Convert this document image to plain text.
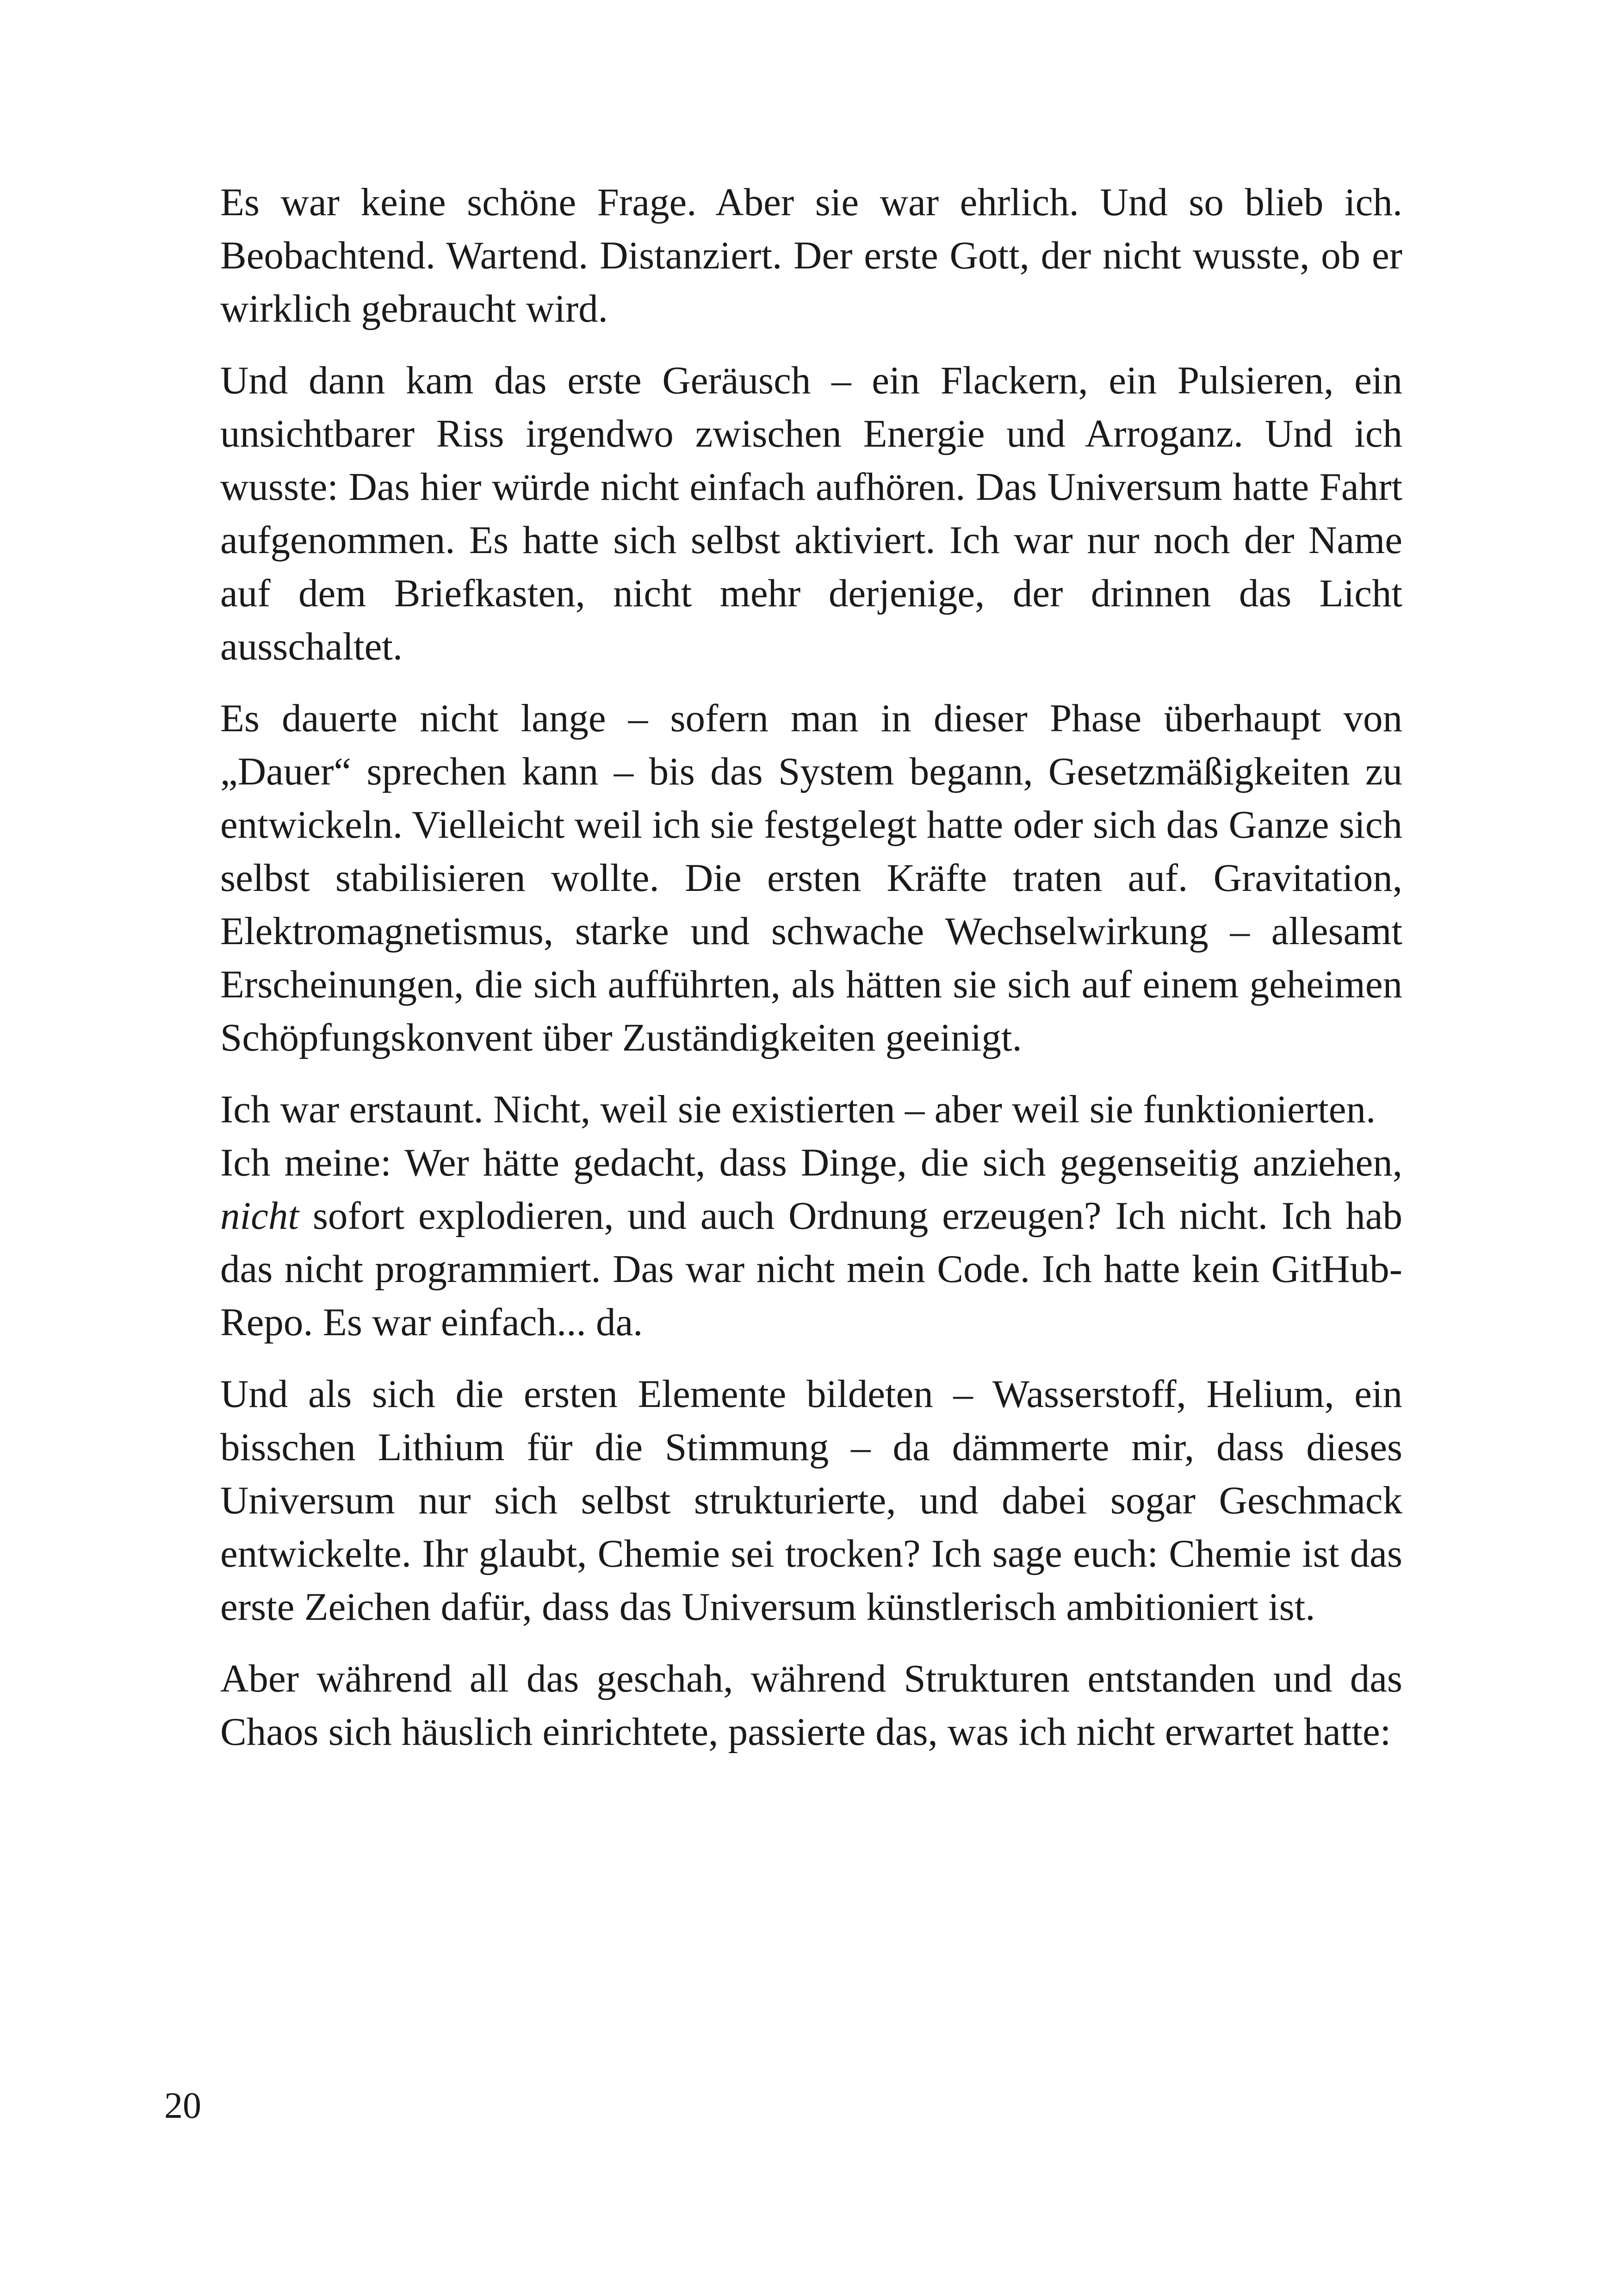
Es war keine schöne Frage. Aber sie war ehrlich. Und so blieb ich. Beobachtend. Wartend. Distanziert. Der erste Gott, der nicht wusste, ob er wirklich gebraucht wird.

Und dann kam das erste Geräusch – ein Flackern, ein Pulsieren, ein unsichtbarer Riss irgendwo zwischen Energie und Arroganz. Und ich wusste: Das hier würde nicht einfach aufhören. Das Universum hatte Fahrt aufgenommen. Es hatte sich selbst aktiviert. Ich war nur noch der Name auf dem Briefkasten, nicht mehr derjenige, der drinnen das Licht ausschaltet.

Es dauerte nicht lange – sofern man in dieser Phase überhaupt von „Dauer“ sprechen kann – bis das System begann, Gesetzmäßigkeiten zu entwickeln. Vielleicht weil ich sie festgelegt hatte oder sich das Ganze sich selbst stabilisieren wollte. Die ersten Kräfte traten auf. Gravitation, Elektromagnetismus, starke und schwache Wechselwirkung – allesamt Erscheinungen, die sich aufführten, als hätten sie sich auf einem geheimen Schöpfungskonvent über Zuständigkeiten geeinigt.

Ich war erstaunt. Nicht, weil sie existierten – aber weil sie funktionierten.

Ich meine: Wer hätte gedacht, dass Dinge, die sich gegenseitig anziehen, nicht sofort explodieren, und auch Ordnung erzeugen? Ich nicht. Ich hab das nicht programmiert. Das war nicht mein Code. Ich hatte kein GitHub-Repo. Es war einfach... da.

Und als sich die ersten Elemente bildeten – Wasserstoff, Helium, ein bisschen Lithium für die Stimmung – da dämmerte mir, dass dieses Universum nur sich selbst strukturierte, und dabei sogar Geschmack entwickelte. Ihr glaubt, Chemie sei trocken? Ich sage euch: Chemie ist das erste Zeichen dafür, dass das Universum künstlerisch ambitioniert ist.

Aber während all das geschah, während Strukturen entstanden und das Chaos sich häuslich einrichtete, passierte das, was ich nicht erwartet hatte:

20
